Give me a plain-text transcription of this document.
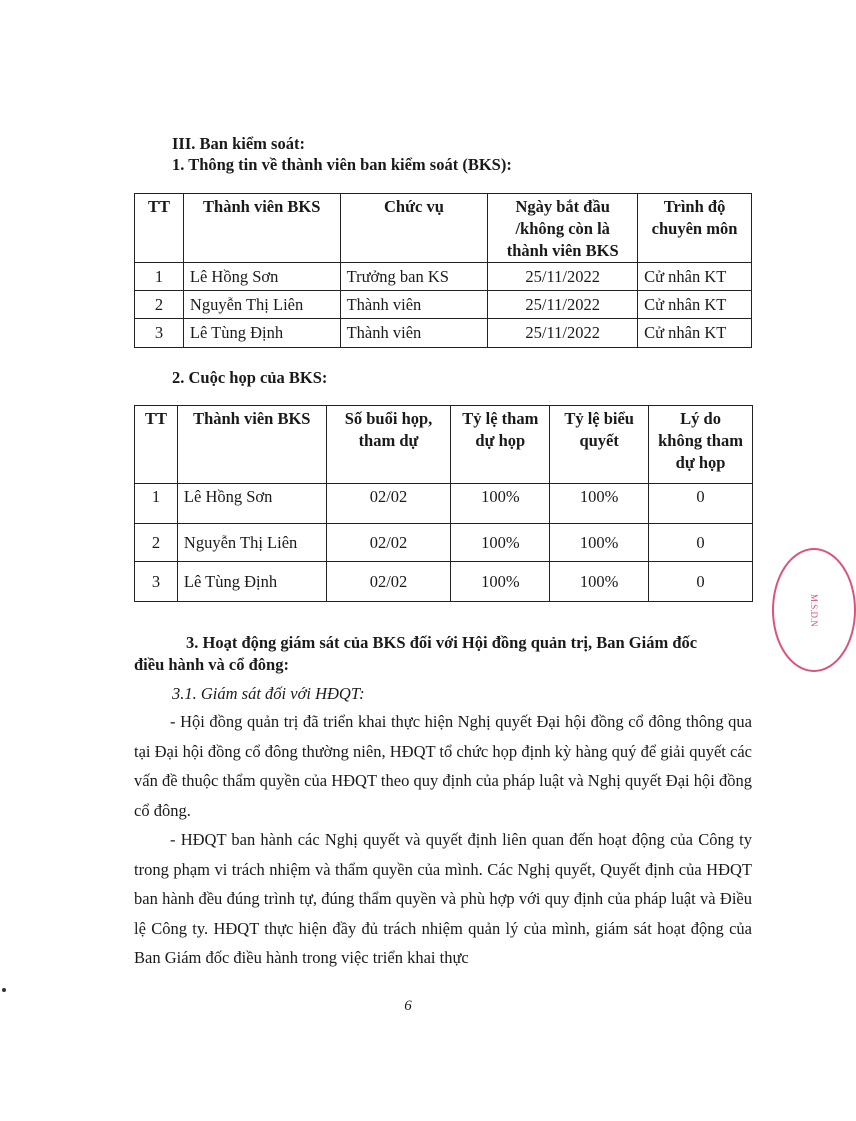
III. Ban kiểm soát:
1. Thông tin về thành viên ban kiểm soát (BKS):
TT	Thành viên BKS	Chức vụ	Ngày bắt đầu /không còn là thành viên BKS	Trình độ chuyên môn
1	Lê Hồng Sơn	Trưởng ban KS	25/11/2022	Cử nhân KT
2	Nguyễn Thị Liên	Thành viên	25/11/2022	Cử nhân KT
3	Lê Tùng Định	Thành viên	25/11/2022	Cử nhân KT
2. Cuộc họp của BKS:
TT	Thành viên BKS	Số buổi họp, tham dự	Tỷ lệ tham dự họp	Tỷ lệ biểu quyết	Lý do không tham dự họp
1	Lê Hồng Sơn	02/02	100%	100%	0
2	Nguyễn Thị Liên	02/02	100%	100%	0
3	Lê Tùng Định	02/02	100%	100%	0
3. Hoạt động giám sát của BKS đối với Hội đồng quản trị, Ban Giám đốc
điều hành và cổ đông:
3.1. Giám sát đối với HĐQT:
- Hội đồng quản trị đã triển khai thực hiện Nghị quyết Đại hội đồng cổ đông thông qua tại Đại hội đồng cổ đông thường niên, HĐQT tổ chức họp định kỳ hàng quý để giải quyết các vấn đề thuộc thẩm quyền của HĐQT theo quy định của pháp luật và Nghị quyết Đại hội đồng cổ đông.
- HĐQT ban hành các Nghị quyết và quyết định liên quan đến hoạt động của Công ty trong phạm vi trách nhiệm và thẩm quyền của mình. Các Nghị quyết, Quyết định của HĐQT ban hành đều đúng trình tự, đúng thẩm quyền và phù hợp với quy định của pháp luật và Điều lệ Công ty. HĐQT thực hiện đầy đủ trách nhiệm quản lý của mình, giám sát hoạt động của Ban Giám đốc điều hành trong việc triển khai thực
6
M.S.D.N
